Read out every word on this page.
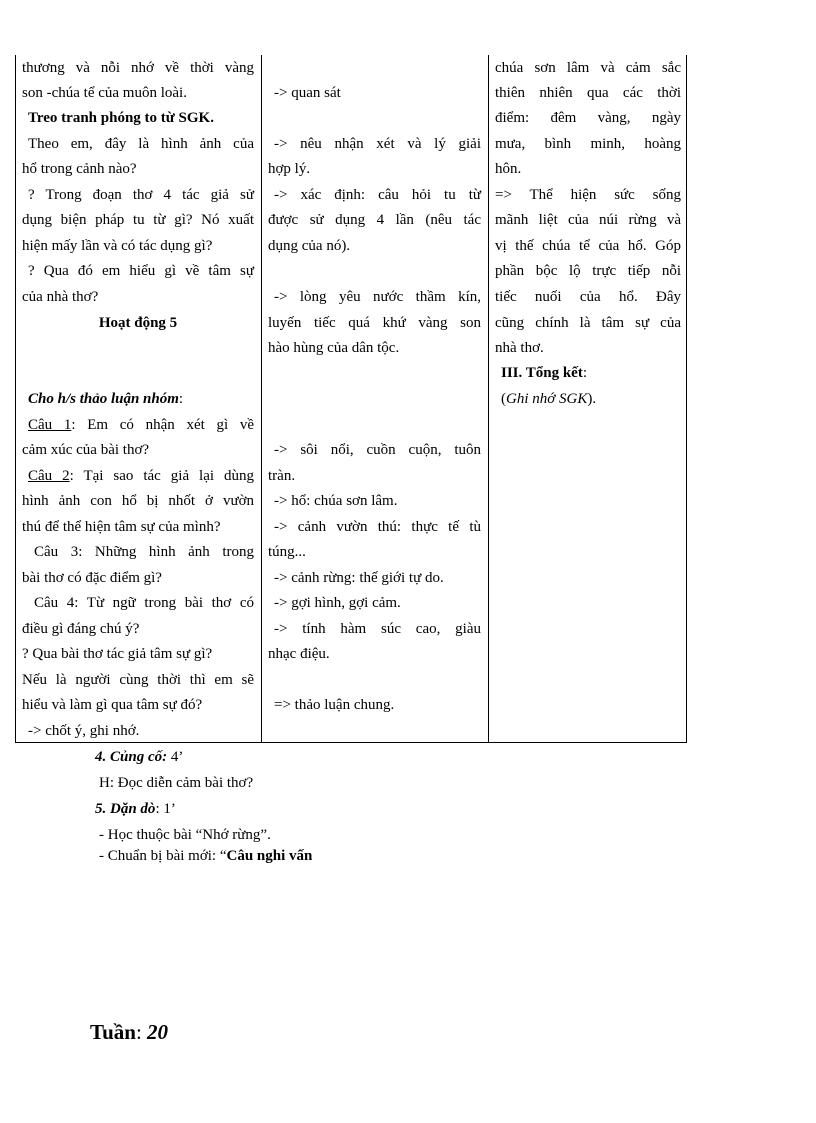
thương và nỗi nhớ về thời vàng
son -chúa tể của muôn loài.
Treo tranh phóng to từ SGK.
Theo em, đây là hình ảnh của
hổ trong cảnh nào?
? Trong đoạn thơ 4 tác giả sử
dụng biện pháp tu từ gì? Nó xuất
hiện mấy lần và có tác dụng gì?
? Qua đó em hiểu gì về tâm sự
của nhà thơ?
Hoạt động 5
Cho h/s thảo luận nhóm:
Câu 1: Em có nhận xét gì về
cảm xúc của bài thơ?
Câu 2: Tại sao tác giả lại dùng
hình ảnh con hổ bị nhốt ở vườn
thú để thể hiện tâm sự của mình?
Câu 3: Những hình ảnh trong
bài thơ có đặc điểm gì?
Câu 4: Từ ngữ trong bài thơ có
điều gì đáng chú ý?
? Qua bài thơ tác giả tâm sự gì?
Nếu là người cùng thời thì em sẽ
hiểu và làm gì qua tâm sự đó?
-> chốt ý, ghi nhớ.
-> quan sát
-> nêu nhận xét và lý giải
hợp lý.
-> xác định: câu hỏi tu từ
được sử dụng 4 lần (nêu tác
dụng của nó).
-> lòng yêu nước thầm kín,
luyến tiếc quá khứ vàng son
hào hùng của dân tộc.
-> sôi nổi, cuồn cuộn, tuôn
tràn.
-> hổ: chúa sơn lâm.
-> cảnh vườn thú: thực tế tù
túng...
-> cảnh rừng: thế giới tự do.
-> gợi hình, gợi cảm.
-> tính hàm súc cao, giàu
nhạc điệu.
=> thảo luận chung.
chúa sơn lâm và cảm sắc
thiên nhiên qua các thời
điểm: đêm vàng, ngày
mưa, bình minh, hoàng
hôn.
=> Thể hiện sức sống
mãnh liệt của núi rừng và
vị thế chúa tể của hổ. Góp
phần bộc lộ trực tiếp nỗi
tiếc nuối của hổ. Đây
cũng chính là tâm sự của
nhà thơ.
III. Tổng kết:
(Ghi nhớ SGK).
4. Củng cố: 4’
H: Đọc diễn cảm bài thơ?
5. Dặn dò: 1’
- Học thuộc bài “Nhớ rừng”.
- Chuẩn bị bài mới: “Câu nghi vấn
Tuần: 20
